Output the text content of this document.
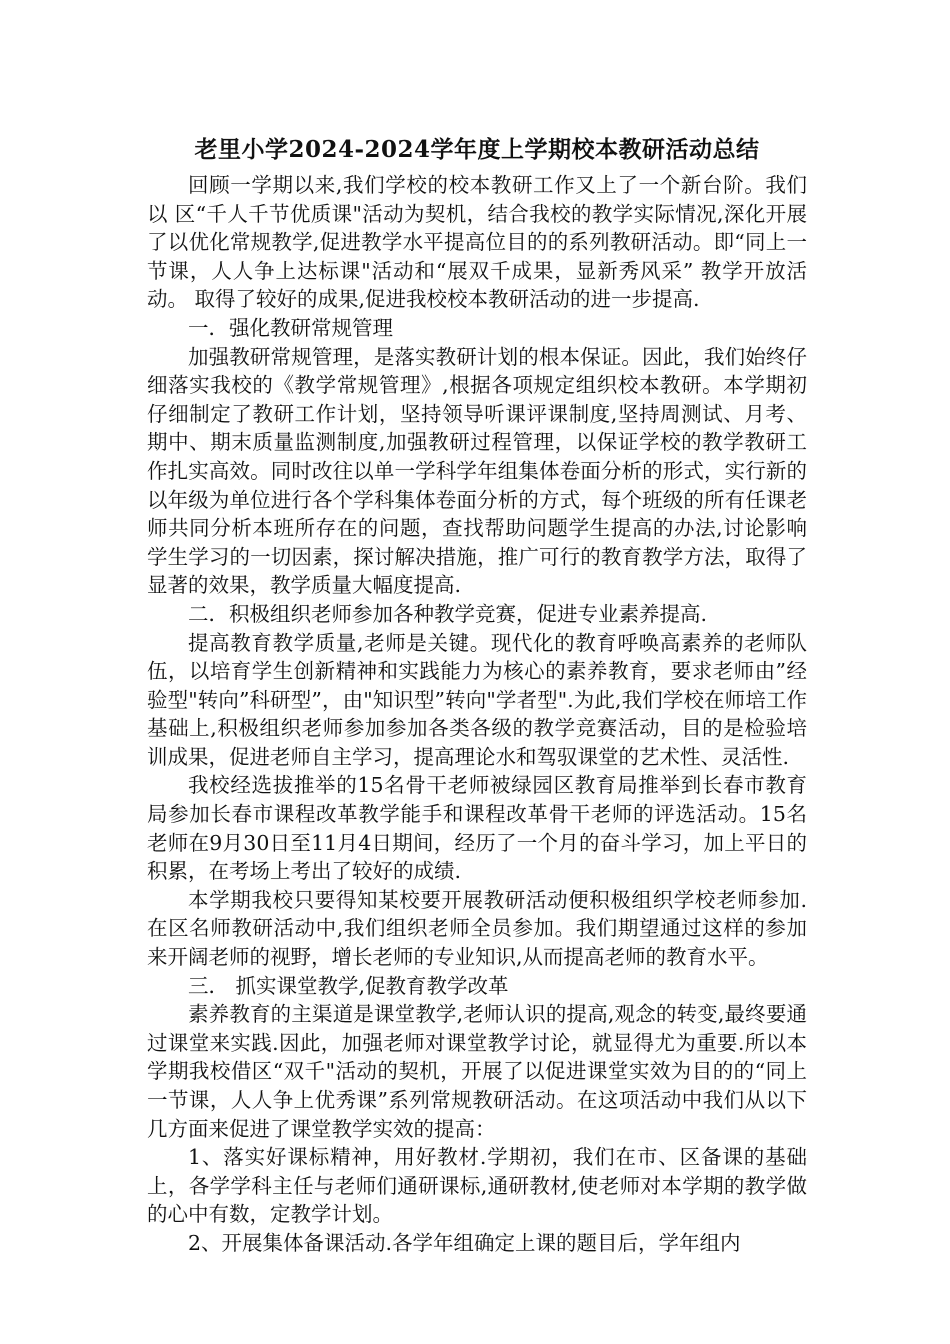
老里小学2024-2024学年度上学期校本教研活动总结

回顾一学期以来,我们学校的校本教研工作又上了一个新台阶。我们以 区“千人千节优质课"活动为契机，结合我校的教学实际情况,深化开展了以优化常规教学,促进教学水平提高位目的的系列教研活动。即“同上一节课，人人争上达标课"活动和“展双千成果，显新秀风采” 教学开放活动。 取得了较好的成果,促进我校校本教研活动的进一步提高.

一．强化教研常规管理

加强教研常规管理，是落实教研计划的根本保证。因此，我们始终仔细落实我校的《教学常规管理》,根据各项规定组织校本教研。本学期初仔细制定了教研工作计划，坚持领导听课评课制度,坚持周测试、月考、期中、期末质量监测制度,加强教研过程管理，以保证学校的教学教研工作扎实高效。同时改往以单一学科学年组集体卷面分析的形式，实行新的以年级为单位进行各个学科集体卷面分析的方式，每个班级的所有任课老师共同分析本班所存在的问题，查找帮助问题学生提高的办法,讨论影响学生学习的一切因素，探讨解决措施，推广可行的教育教学方法，取得了显著的效果，教学质量大幅度提高.

二．积极组织老师参加各种教学竞赛，促进专业素养提高.

提高教育教学质量,老师是关键。现代化的教育呼唤高素养的老师队伍，以培育学生创新精神和实践能力为核心的素养教育，要求老师由”经验型"转向”科研型”，由"知识型”转向"学者型".为此,我们学校在师培工作基础上,积极组织老师参加参加各类各级的教学竞赛活动，目的是检验培训成果，促进老师自主学习，提高理论水和驾驭课堂的艺术性、灵活性.

我校经选拔推举的15名骨干老师被绿园区教育局推举到长春市教育局参加长春市课程改革教学能手和课程改革骨干老师的评选活动。15名老师在9月30日至11月4日期间，经历了一个月的奋斗学习，加上平日的积累，在考场上考出了较好的成绩.

本学期我校只要得知某校要开展教研活动便积极组织学校老师参加.在区名师教研活动中,我们组织老师全员参加。我们期望通过这样的参加来开阔老师的视野，增长老师的专业知识,从而提高老师的教育水平。

三． 抓实课堂教学,促教育教学改革

素养教育的主渠道是课堂教学,老师认识的提高,观念的转变,最终要通过课堂来实践.因此，加强老师对课堂教学讨论，就显得尤为重要.所以本学期我校借区“双千"活动的契机，开展了以促进课堂实效为目的的“同上一节课，人人争上优秀课”系列常规教研活动。在这项活动中我们从以下几方面来促进了课堂教学实效的提高：

1、落实好课标精神，用好教材.学期初，我们在市、区备课的基础上，各学学科主任与老师们通研课标,通研教材,使老师对本学期的教学做的心中有数，定教学计划。

2、开展集体备课活动.各学年组确定上课的题目后，学年组内
